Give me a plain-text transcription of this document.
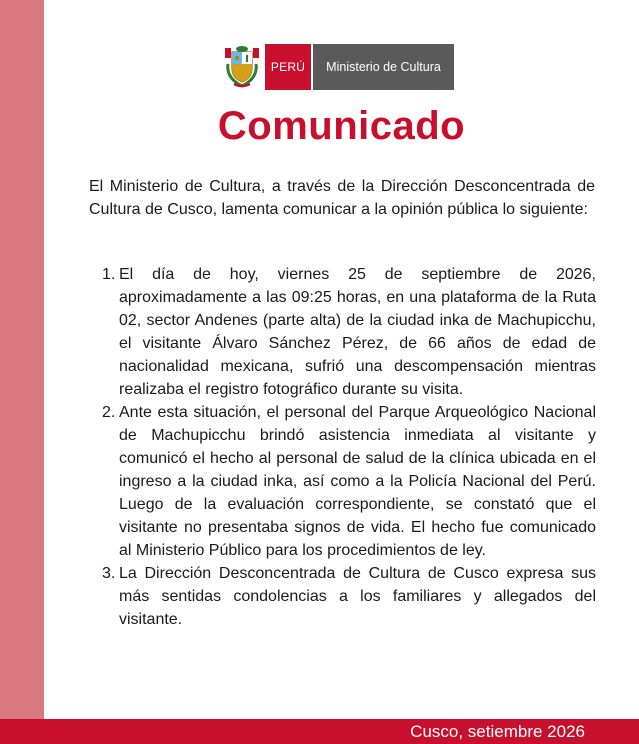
PERÚ	Ministerio de Cultura
Comunicado
El Ministerio de Cultura, a través de la Dirección Desconcentrada de Cultura de Cusco, lamenta comunicar a la opinión pública lo siguiente:
1. El día de hoy, viernes 25 de septiembre de 2026, aproximadamente a las 09:25 horas, en una plataforma de la Ruta 02, sector Andenes (parte alta) de la ciudad inka de Machupicchu, el visitante Álvaro Sánchez Pérez, de 66 años de edad de nacionalidad mexicana, sufrió una descompensación mientras realizaba el registro fotográfico durante su visita.
2. Ante esta situación, el personal del Parque Arqueológico Nacional de Machupicchu brindó asistencia inmediata al visitante y comunicó el hecho al personal de salud de la clínica ubicada en el ingreso a la ciudad inka, así como a la Policía Nacional del Perú. Luego de la evaluación correspondiente, se constató que el visitante no presentaba signos de vida. El hecho fue comunicado al Ministerio Público para los procedimientos de ley.
3. La Dirección Desconcentrada de Cultura de Cusco expresa sus más sentidas condolencias a los familiares y allegados del visitante.
Cusco, setiembre 2026
